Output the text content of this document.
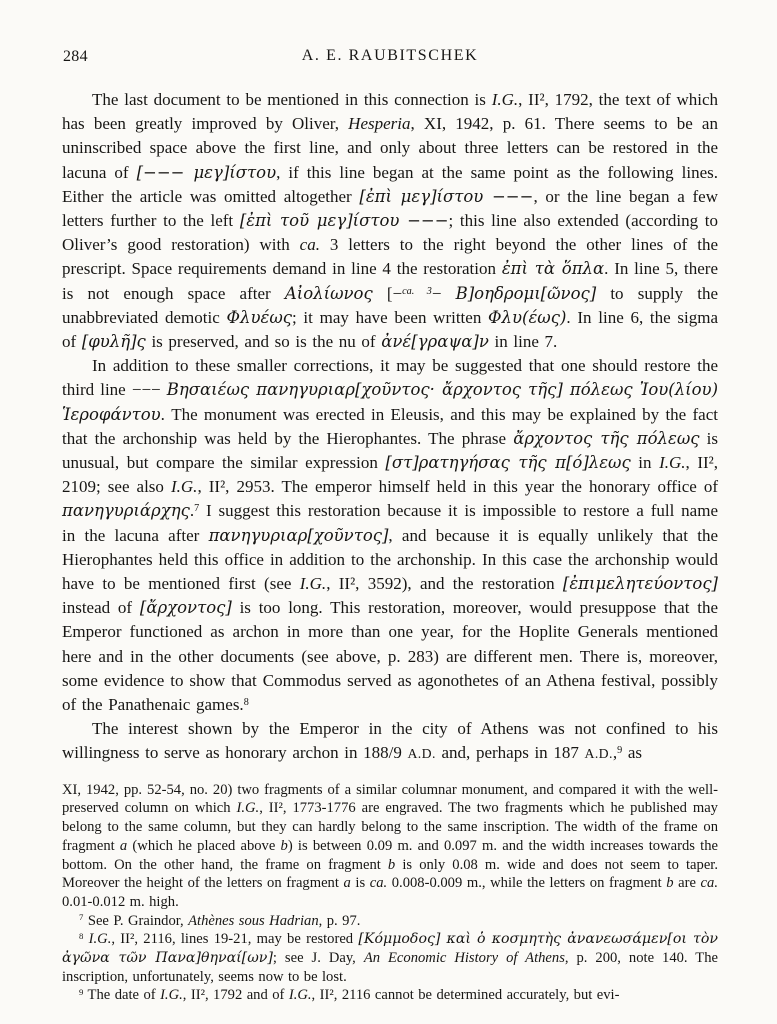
284	A. E. RAUBITSCHEK

The last document to be mentioned in this connection is I.G., II², 1792, the text of which has been greatly improved by Oliver, Hesperia, XI, 1942, p. 61. There seems to be an uninscribed space above the first line, and only about three letters can be restored in the lacuna of [−−− μεγ]ίστου, if this line began at the same point as the following lines. Either the article was omitted altogether [ἐπὶ μεγ]ίστου −−−, or the line began a few letters further to the left [ἐπὶ τοῦ μεγ]ίστου −−−; this line also extended (according to Oliver’s good restoration) with ca. 3 letters to the right beyond the other lines of the prescript. Space requirements demand in line 4 the restoration ἐπὶ τὰ ὅπλα. In line 5, there is not enough space after Αἰολίωνος [−$^{ca. 3}$− Β]οηδρομι[ῶνος] to supply the unabbreviated demotic Φλυέως; it may have been written Φλυ(έως). In line 6, the sigma of [φυλῆ]ς is preserved, and so is the nu of ἀνέ[γραψα]ν in line 7.

In addition to these smaller corrections, it may be suggested that one should restore the third line −−− Βησαιέως πανηγυριαρ[χοῦντος· ἄρχοντος τῆς] πόλεως Ἰου(λίου) Ἱεροφάντου. The monument was erected in Eleusis, and this may be explained by the fact that the archonship was held by the Hierophantes. The phrase ἄρχοντος τῆς πόλεως is unusual, but compare the similar expression [στ]ρατηγήσας τῆς π[ό]λεως in I.G., II², 2109; see also I.G., II², 2953. The emperor himself held in this year the honorary office of πανηγυριάρχης.$^7$ I suggest this restoration because it is impossible to restore a full name in the lacuna after πανηγυριαρ[χοῦντος], and because it is equally unlikely that the Hierophantes held this office in addition to the archonship. In this case the archonship would have to be mentioned first (see I.G., II², 3592), and the restoration [ἐπιμελητεύοντος] instead of [ἄρχοντος] is too long. This restoration, moreover, would presuppose that the Emperor functioned as archon in more than one year, for the Hoplite Generals mentioned here and in the other documents (see above, p. 283) are different men. There is, moreover, some evidence to show that Commodus served as agonothetes of an Athena festival, possibly of the Panathenaic games.$^8$

The interest shown by the Emperor in the city of Athens was not confined to his willingness to serve as honorary archon in 188/9 A.D. and, perhaps in 187 A.D.,$^9$ as

XI, 1942, pp. 52-54, no. 20) two fragments of a similar columnar monument, and compared it with the well-preserved column on which I.G., II², 1773-1776 are engraved. The two fragments which he published may belong to the same column, but they can hardly belong to the same inscription. The width of the frame on fragment a (which he placed above b) is between 0.09 m. and 0.097 m. and the width increases towards the bottom. On the other hand, the frame on fragment b is only 0.08 m. wide and does not seem to taper. Moreover the height of the letters on fragment a is ca. 0.008-0.009 m., while the letters on fragment b are ca. 0.01-0.012 m. high.

$^7$ See P. Graindor, Athènes sous Hadrian, p. 97.

$^8$ I.G., II², 2116, lines 19-21, may be restored [Κόμμοδος] καὶ ὁ κοσμητὴς ἀνανεωσάμεν[οι τὸν ἀγῶνα τῶν Πανα]θηναί[ων]; see J. Day, An Economic History of Athens, p. 200, note 140. The inscription, unfortunately, seems now to be lost.

$^9$ The date of I.G., II², 1792 and of I.G., II², 2116 cannot be determined accurately, but evi-
